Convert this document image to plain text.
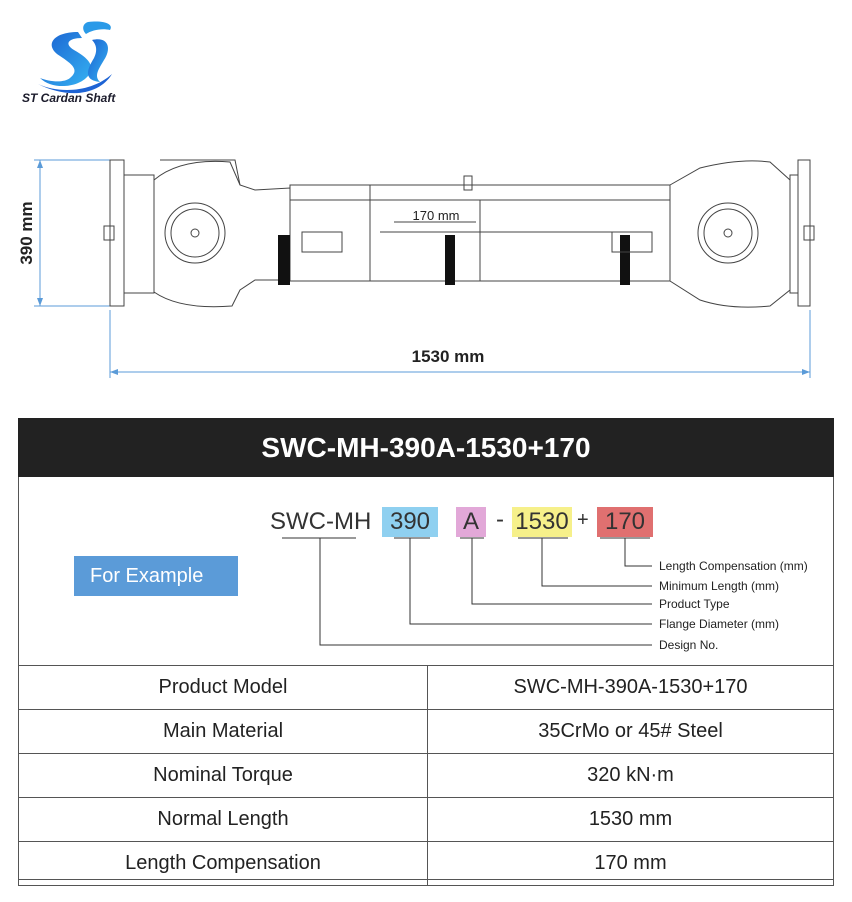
ST Cardan Shaft
390 mm
1530 mm
170 mm
SWC-MH-390A-1530+170
For Example
SWC-MH 390	A - 1530 + 170
Length Compensation (mm)
Minimum Length (mm)
Product Type
Flange Diameter (mm)
Design No.
Product Model	SWC-MH-390A-1530+170
Main Material	35CrMo or 45# Steel
Nominal Torque	320 kN·m
Normal Length	1530 mm
Length Compensation	170 mm
